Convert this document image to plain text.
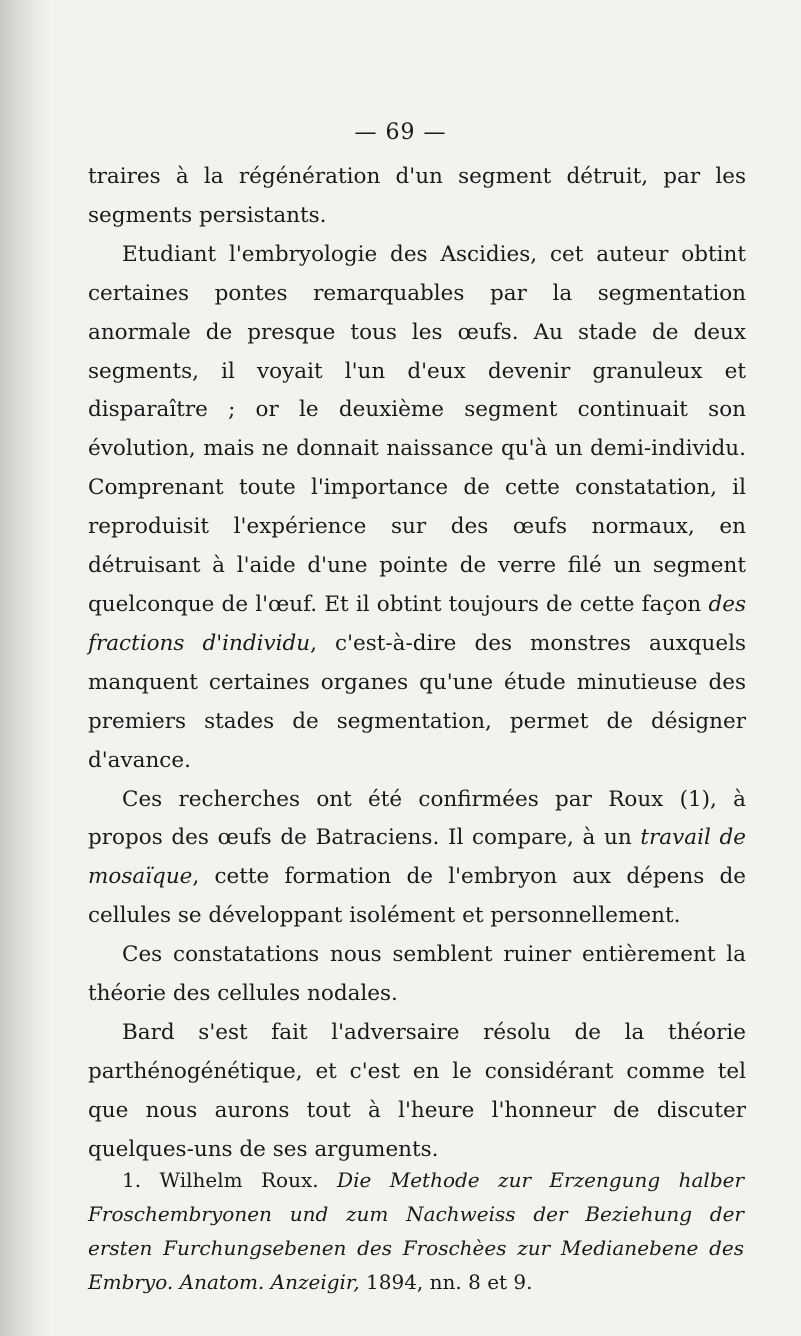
— 69 —

traires à la régénération d'un segment détruit, par les segments persistants.

Etudiant l'embryologie des Ascidies, cet auteur obtint certaines pontes remarquables par la segmentation anormale de presque tous les œufs. Au stade de deux segments, il voyait l'un d'eux devenir granuleux et disparaître ; or le deuxième segment continuait son évolution, mais ne donnait naissance qu'à un demi-individu. Comprenant toute l'importance de cette constatation, il reproduisit l'expérience sur des œufs normaux, en détruisant à l'aide d'une pointe de verre filé un segment quelconque de l'œuf. Et il obtint toujours de cette façon des fractions d'individu, c'est-à-dire des monstres auxquels manquent certaines organes qu'une étude minutieuse des premiers stades de segmentation, permet de désigner d'avance.

Ces recherches ont été confirmées par Roux (1), à propos des œufs de Batraciens. Il compare, à un travail de mosaïque, cette formation de l'embryon aux dépens de cellules se développant isolément et personnellement.

Ces constatations nous semblent ruiner entièrement la théorie des cellules nodales.

Bard s'est fait l'adversaire résolu de la théorie parthénogénétique, et c'est en le considérant comme tel que nous aurons tout à l'heure l'honneur de discuter quelques-uns de ses arguments.

1. Wilhelm Roux. Die Methode zur Erzengung halber Froschembryonen und zum Nachweiss der Beziehung der ersten Furchungsebenen des Froschèes zur Medianebene des Embryo. Anatom. Anzeigir, 1894, nn. 8 et 9.
